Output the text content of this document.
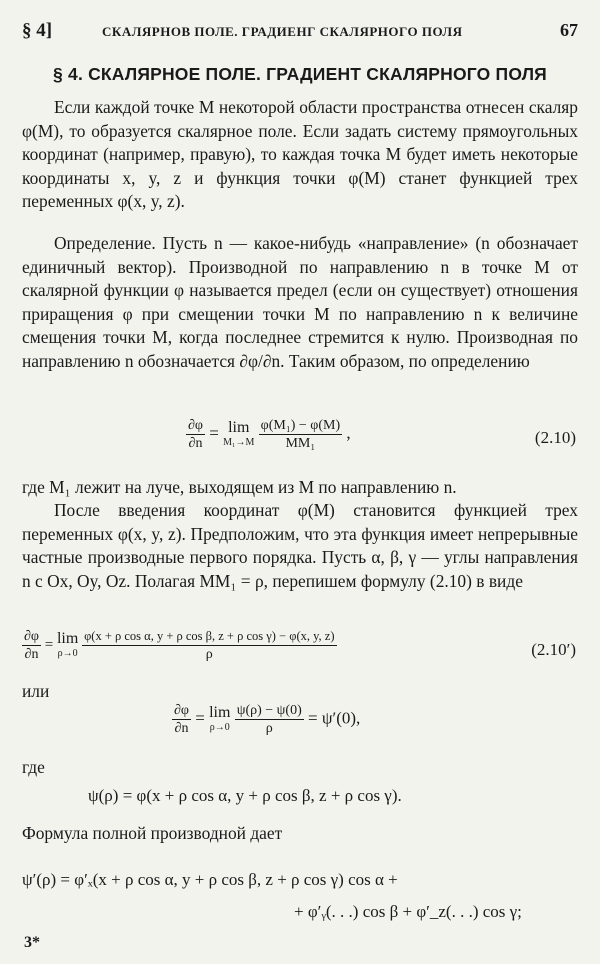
§ 4]	СКАЛЯРНОВ ПОЛЕ. ГРАДИЕНГ СКАЛЯРНОГО ПОЛЯ	67
§ 4. СКАЛЯРНОЕ ПОЛЕ. ГРАДИЕНТ СКАЛЯРНОГО ПОЛЯ

Если каждой точке M некоторой области пространства отнесен скаляр φ(M), то образуется скалярное поле. Если задать систему прямоугольных координат (например, правую), то каждая точка M будет иметь некоторые координаты x, y, z и функция точки φ(M) станет функцией трех переменных φ(x, y, z).

Определение. Пусть n — какое-нибудь «направление» (n обозначает единичный вектор). Производной по направлению n в точке M от скалярной функции φ называется предел (если он существует) отношения приращения φ при смещении точки M по направлению n к величине смещения точки M, когда последнее стремится к нулю. Производная по направлению n обозначается ∂φ/∂n. Таким образом, по определению

$\frac{\partial\varphi}{\partial n} = \lim$
M₁→M
$\frac{\text{φ(M₁) − φ(M)}}{\text{MM₁}}$ ,	(2.10)

где M₁ лежит на луче, выходящем из M по направлению n.

После введения координат φ(M) становится функцией трех переменных φ(x, y, z). Предположим, что эта функция имеет непрерывные частные производные первого порядка. Пусть α, β, γ — углы направления n с Ox, Oy, Oz. Полагая MM₁ = ρ, перепишем формулу (2.10) в виде

$\frac{\partial\varphi}{\partial n} = \lim$
ρ→0
$\frac{\text{φ(x + ρ cos α, y + ρ cos β, z + ρ cos γ) − φ(x, y, z)}}{\rho}$	(2.10′)

или

$\frac{\partial\varphi}{\partial n} = \lim$
ρ→0
$\frac{\psi(\rho) - \psi(0)}{\rho} = \psi'(0)$,

где

ψ(ρ) = φ(x + ρ cos α, y + ρ cos β, z + ρ cos γ).

Формула полной производной дает

ψ′(ρ) = φ′ₓ(x + ρ cos α, y + ρ cos β, z + ρ cos γ) cos α +
+ φ′ᵧ(. . .) cos β + φ′_z(. . .) cos γ;
3*
